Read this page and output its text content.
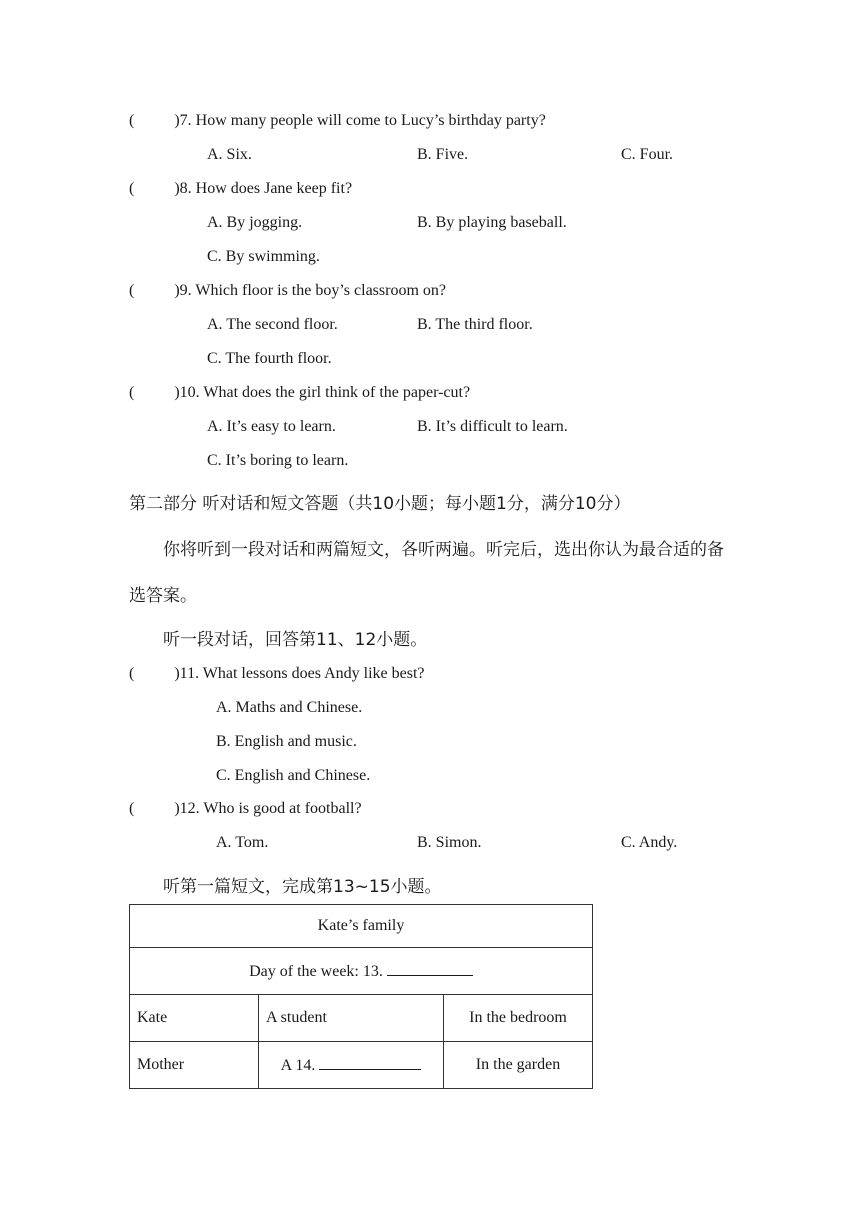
(	)7. How many people will come to Lucy’s birthday party?
A. Six.	B. Five.	C. Four.
(	)8. How does Jane keep fit?
A. By jogging.	B. By playing baseball.
C. By swimming.
(	)9. Which floor is the boy’s classroom on?
A. The second floor.	B. The third floor.
C. The fourth floor.
(	)10. What does the girl think of the paper-cut?
A. It’s easy to learn.	B. It’s difficult to learn.
C. It’s boring to learn.
第二部分 听对话和短文答题（共10小题；每小题1分，满分10分）
你将听到一段对话和两篇短文，各听两遍。听完后，选出你认为最合适的备
选答案。
听一段对话，回答第11、12小题。
(	)11. What lessons does Andy like best?
A. Maths and Chinese.
B. English and music.
C. English and Chinese.
(	)12. Who is good at football?
A. Tom.	B. Simon.	C. Andy.
听第一篇短文，完成第13~15小题。
Kate’s family		
Day of the week: 13.		
Kate	A student	In the bedroom
Mother	A 14.	In the garden
